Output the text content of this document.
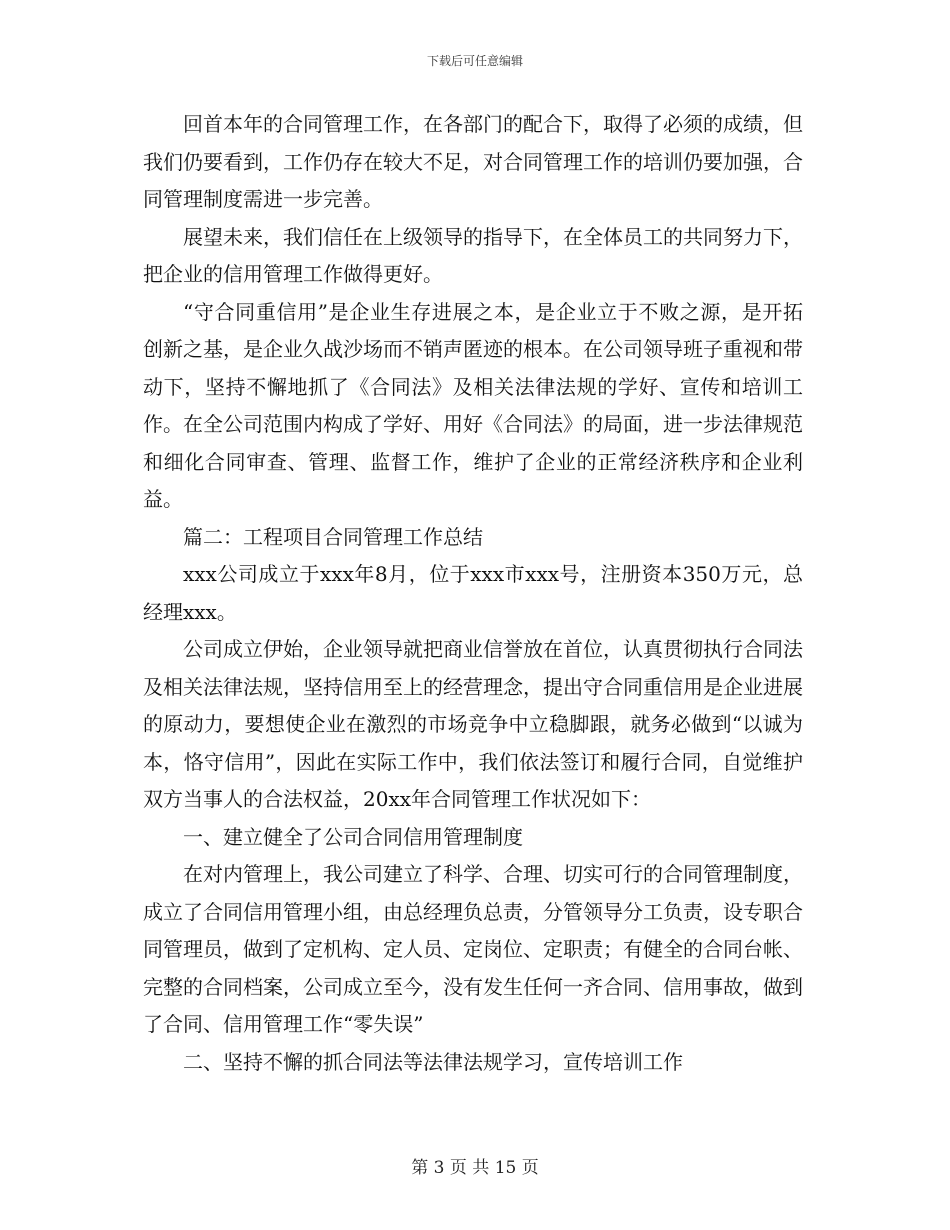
下载后可任意编辑

回首本年的合同管理工作，在各部门的配合下，取得了必须的成绩，但我们仍要看到，工作仍存在较大不足，对合同管理工作的培训仍要加强，合同管理制度需进一步完善。

展望未来，我们信任在上级领导的指导下，在全体员工的共同努力下，把企业的信用管理工作做得更好。

“守合同重信用”是企业生存进展之本，是企业立于不败之源，是开拓创新之基，是企业久战沙场而不销声匿迹的根本。在公司领导班子重视和带动下，坚持不懈地抓了《合同法》及相关法律法规的学好、宣传和培训工作。在全公司范围内构成了学好、用好《合同法》的局面，进一步法律规范和细化合同审查、管理、监督工作，维护了企业的正常经济秩序和企业利益。

篇二：工程项目合同管理工作总结

xxx公司成立于xxx年8月，位于xxx市xxx号，注册资本350万元，总经理xxx。

公司成立伊始，企业领导就把商业信誉放在首位，认真贯彻执行合同法及相关法律法规，坚持信用至上的经营理念，提出守合同重信用是企业进展的原动力，要想使企业在激烈的市场竞争中立稳脚跟，就务必做到“以诚为本，恪守信用”，因此在实际工作中，我们依法签订和履行合同，自觉维护双方当事人的合法权益，20xx年合同管理工作状况如下：

一、建立健全了公司合同信用管理制度

在对内管理上，我公司建立了科学、合理、切实可行的合同管理制度，成立了合同信用管理小组，由总经理负总责，分管领导分工负责，设专职合同管理员，做到了定机构、定人员、定岗位、定职责；有健全的合同台帐、完整的合同档案，公司成立至今，没有发生任何一齐合同、信用事故，做到了合同、信用管理工作“零失误”

二、坚持不懈的抓合同法等法律法规学习，宣传培训工作

第 3 页 共 15 页
